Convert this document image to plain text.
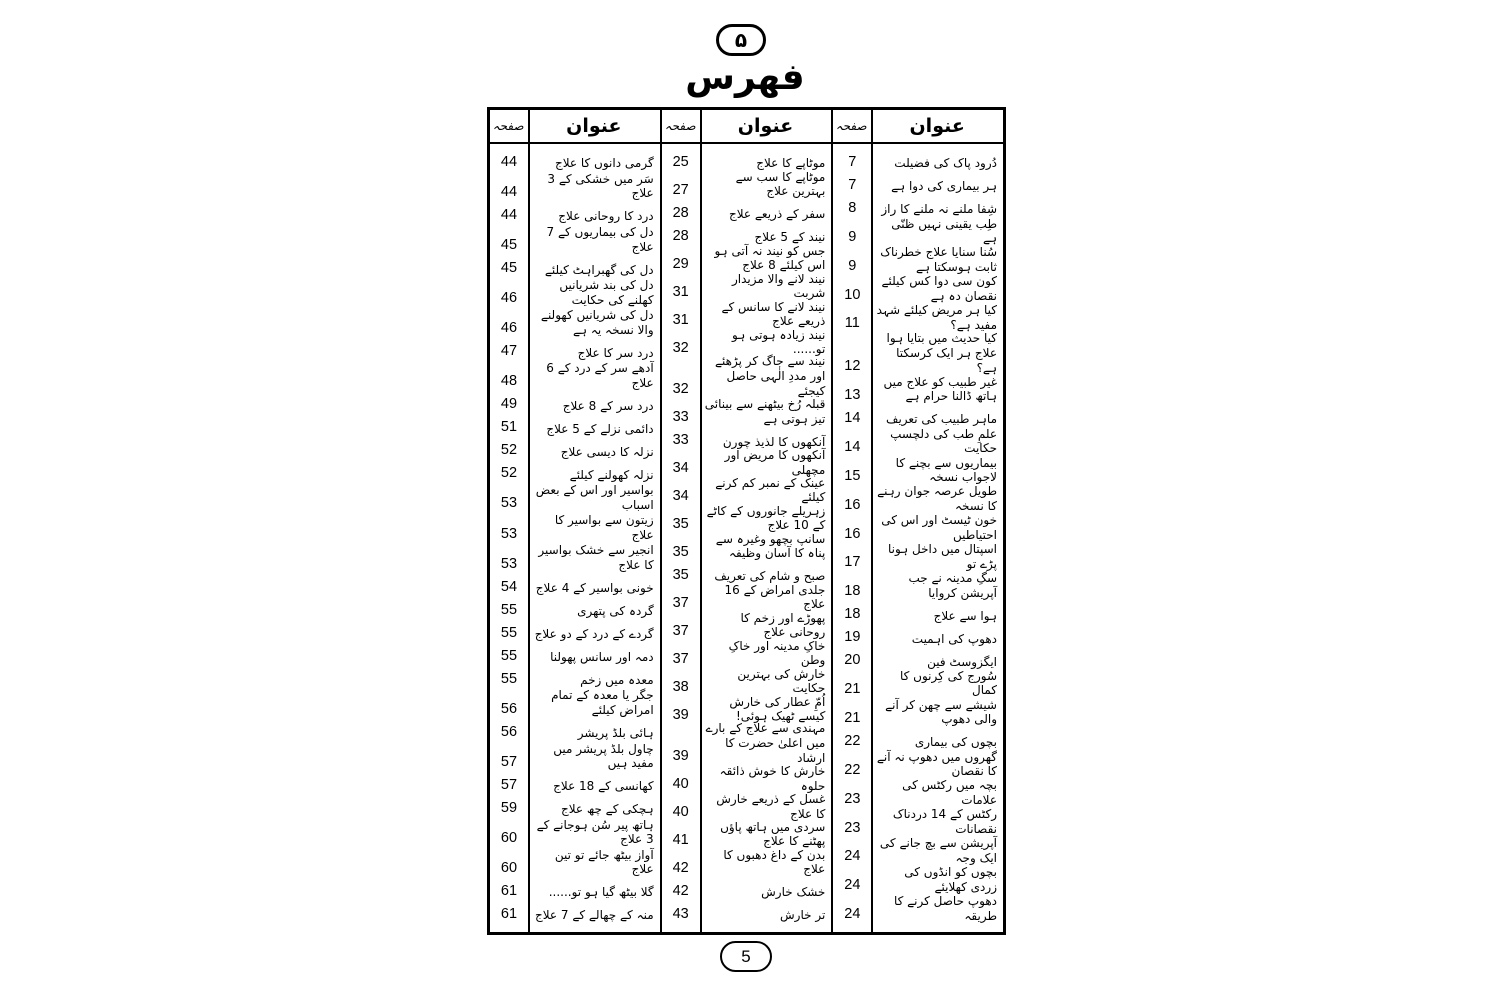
۵
فهرس
عنوان
صفحہ
دُرود پاک کی فضیلت
7
ہر بیماری کی دوا ہے
7
شِفا ملنے نہ ملنے کا راز
8
طِب یقینی نہیں ظنّی ہے
9
سُنا سنایا علاج خطرناک ثابت ہوسکتا ہے
9
کون سی دوا کس کیلئے نقصان دہ ہے
10
کیا ہر مریض کیلئے شہد مفید ہے؟
11
کیا حدیث میں بتایا ہوا علاج ہر ایک کرسکتا ہے؟
12
غیر طبیب کو علاج میں ہاتھ ڈالنا حرام ہے
13
ماہر طبیب کی تعریف
14
علمِ طب کی دلچسپ حکایت
14
بیماریوں سے بچنے کا لاجواب نسخہ
15
طویل عرصہ جوان رہنے کا نسخہ
16
خون ٹیسٹ اور اس کی احتیاطیں
16
اسپتال میں داخل ہونا پڑے تو
17
سگِ مدینہ نے جب آپریشن کروایا
18
ہوا سے علاج
18
دھوپ کی اہمیت
19
ایگزوسٹ فین
20
سُورج کی کِرنوں کا کمال
21
شیشے سے چھن کر آنے والی دھوپ
21
بچوں کی بیماری
22
گھروں میں دھوپ نہ آنے کا نقصان
22
بچہ میں رکٹس کی علامات
23
رکٹس کے 14 دردناک نقصانات
23
آپریشن سے بچ جانے کی ایک وجہ
24
بچوں کو انڈوں کی زردی کھلایئے
24
دھوپ حاصل کرنے کا طریقہ
24
عنوان
صفحہ
موٹاپے کا علاج
25
موٹاپے کا سب سے بہترین علاج
27
سفر کے ذریعے علاج
28
نیند کے 5 علاج
28
جس کو نیند نہ آتی ہو اس کیلئے 8 علاج
29
نیند لانے والا مزیدار شربت
31
نیند لانے کا سانس کے ذریعے علاج
31
نیند زیادہ ہوتی ہو تو......
32
نیند سے جاگ کر پڑھئے اور مددِ الٰہی حاصل کیجئے
32
قبلہ رُخ بیٹھنے سے بینائی تیز ہوتی ہے
33
آنکھوں کا لذیذ چورن
33
آنکھوں کا مریض اور مچھلی
34
عینک کے نمبر کم کرنے کیلئے
34
زہریلے جانوروں کے کاٹے کے 10 علاج
35
سانپ بچھو وغیرہ سے پناہ کا آسان وظیفہ
35
صبح و شام کی تعریف
35
جلدی امراض کے 16 علاج
37
پھوڑے اور زخم کا روحانی علاج
37
خاکِ مدینہ اور خاکِ وطن
37
خارش کی بہترین حکایت
38
اُمِّ عطار کی خارش کیسے ٹھیک ہوئی!
39
مہندی سے علاج کے بارے میں اعلیٰ حضرت کا ارشاد
39
خارش کا خوش ذائقہ حلوہ
40
غسل کے ذریعے خارش کا علاج
40
سردی میں ہاتھ پاؤں پھٹنے کا علاج
41
بدن کے داغ دھبوں کا علاج
42
خشک خارش
42
تر خارش
43
عنوان
صفحہ
گرمی دانوں کا علاج
44
سَر میں خشکی کے 3 علاج
44
درد کا روحانی علاج
44
دل کی بیماریوں کے 7 علاج
45
دل کی گھبراہٹ کیلئے
45
دل کی بند شریانیں کھلنے کی حکایت
46
دل کی شریانیں کھولنے والا نسخہ یہ ہے
46
درد سر کا علاج
47
آدھے سر کے درد کے 6 علاج
48
درد سر کے 8 علاج
49
دائمی نزلے کے 5 علاج
51
نزلہ کا دیسی علاج
52
نزلہ کھولنے کیلئے
52
بواسیر اور اس کے بعض اسباب
53
زیتون سے بواسیر کا علاج
53
انجیر سے خشک بواسیر کا علاج
53
خونی بواسیر کے 4 علاج
54
گردہ کی پتھری
55
گردے کے درد کے دو علاج
55
دمہ اور سانس پھولنا
55
معدہ میں زخم
55
جگر یا معدہ کے تمام امراض کیلئے
56
ہائی بلڈ پریشر
56
چاول بلڈ پریشر میں مفید ہیں
57
کھانسی کے 18 علاج
57
ہچکی کے چھ علاج
59
ہاتھ پیر سُن ہوجانے کے 3 علاج
60
آواز بیٹھ جائے تو تین علاج
60
گلا بیٹھ گیا ہو تو......
61
منہ کے چھالے کے 7 علاج
61
5
